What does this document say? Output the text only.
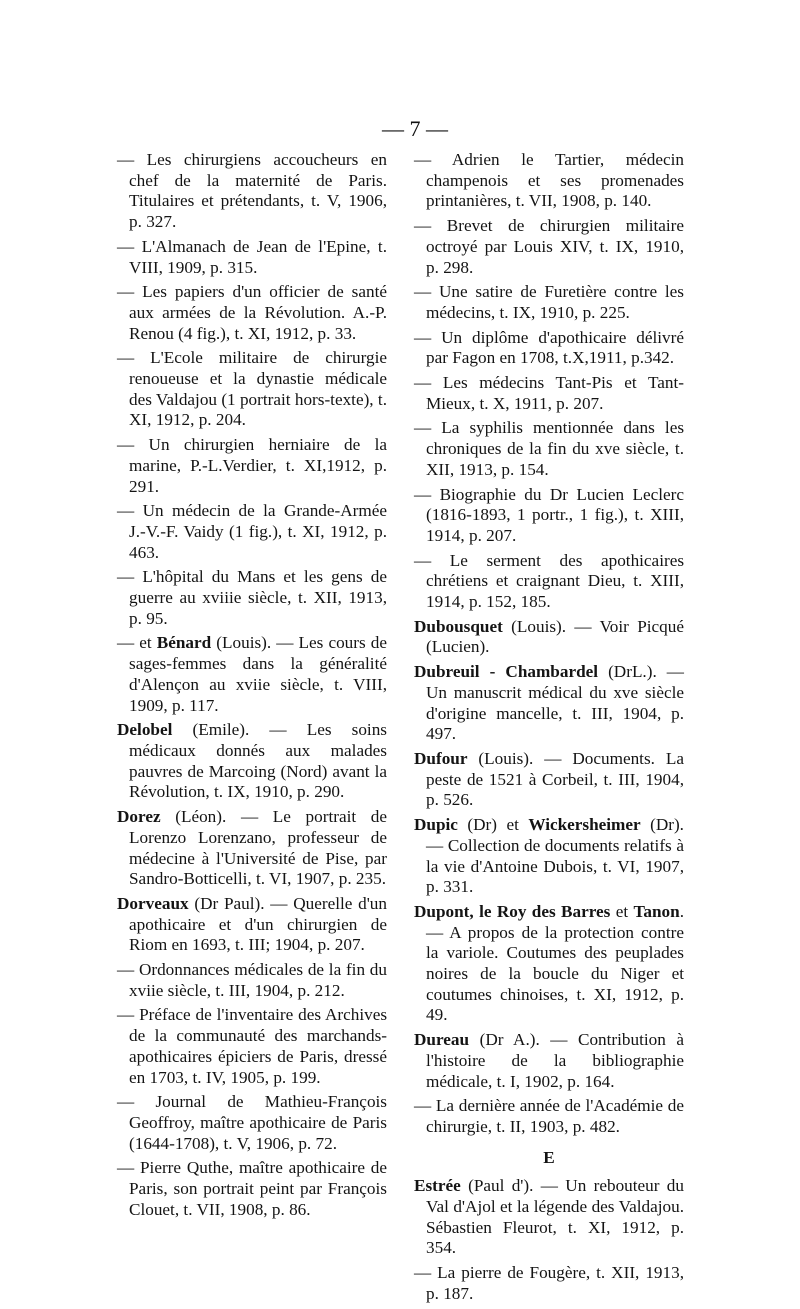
— 7 —
— Les chirurgiens accoucheurs en chef de la maternité de Paris. Titulaires et prétendants, t. V, 1906, p. 327.
— L'Almanach de Jean de l'Epine, t. VIII, 1909, p. 315.
— Les papiers d'un officier de santé aux armées de la Révolution. A.-P. Renou (4 fig.), t. XI, 1912, p. 33.
— L'Ecole militaire de chirurgie renoueuse et la dynastie médicale des Valdajou (1 portrait hors-texte), t. XI, 1912, p. 204.
— Un chirurgien herniaire de la marine, P.-L.Verdier, t. XI,1912, p. 291.
— Un médecin de la Grande-Armée J.-V.-F. Vaidy (1 fig.), t. XI, 1912, p. 463.
— L'hôpital du Mans et les gens de guerre au xviiie siècle, t. XII, 1913, p. 95.
— et Bénard (Louis). — Les cours de sages-femmes dans la généralité d'Alençon au xviie siècle, t. VIII, 1909, p. 117.
Delobel (Emile). — Les soins médicaux donnés aux malades pauvres de Marcoing (Nord) avant la Révolution, t. IX, 1910, p. 290.
Dorez (Léon). — Le portrait de Lorenzo Lorenzano, professeur de médecine à l'Université de Pise, par Sandro-Botticelli, t. VI, 1907, p. 235.
Dorveaux (Dr Paul). — Querelle d'un apothicaire et d'un chirurgien de Riom en 1693, t. III; 1904, p. 207.
— Ordonnances médicales de la fin du xviie siècle, t. III, 1904, p. 212.
— Préface de l'inventaire des Archives de la communauté des marchands-apothicaires épiciers de Paris, dressé en 1703, t. IV, 1905, p. 199.
— Journal de Mathieu-François Geoffroy, maître apothicaire de Paris (1644-1708), t. V, 1906, p. 72.
— Pierre Quthe, maître apothicaire de Paris, son portrait peint par François Clouet, t. VII, 1908, p. 86.
— Adrien le Tartier, médecin champenois et ses promenades printanières, t. VII, 1908, p. 140.
— Brevet de chirurgien militaire octroyé par Louis XIV, t. IX, 1910, p. 298.
— Une satire de Furetière contre les médecins, t. IX, 1910, p. 225.
— Un diplôme d'apothicaire délivré par Fagon en 1708, t.X,1911, p.342.
— Les médecins Tant-Pis et Tant-Mieux, t. X, 1911, p. 207.
— La syphilis mentionnée dans les chroniques de la fin du xve siècle, t. XII, 1913, p. 154.
— Biographie du Dr Lucien Leclerc (1816-1893, 1 portr., 1 fig.), t. XIII, 1914, p. 207.
— Le serment des apothicaires chrétiens et craignant Dieu, t. XIII, 1914, p. 152, 185.
Dubousquet (Louis). — Voir Picqué (Lucien).
Dubreuil - Chambardel (DrL.). — Un manuscrit médical du xve siècle d'origine mancelle, t. III, 1904, p. 497.
Dufour (Louis). — Documents. La peste de 1521 à Corbeil, t. III, 1904, p. 526.
Dupic (Dr) et Wickersheimer (Dr). — Collection de documents relatifs à la vie d'Antoine Dubois, t. VI, 1907, p. 331.
Dupont, le Roy des Barres et Tanon. — A propos de la protection contre la variole. Coutumes des peuplades noires de la boucle du Niger et coutumes chinoises, t. XI, 1912, p. 49.
Dureau (Dr A.). — Contribution à l'histoire de la bibliographie médicale, t. I, 1902, p. 164.
— La dernière année de l'Académie de chirurgie, t. II, 1903, p. 482.
E
Estrée (Paul d'). — Un rebouteur du Val d'Ajol et la légende des Valdajou. Sébastien Fleurot, t. XI, 1912, p. 354.
— La pierre de Fougère, t. XII, 1913, p. 187.
